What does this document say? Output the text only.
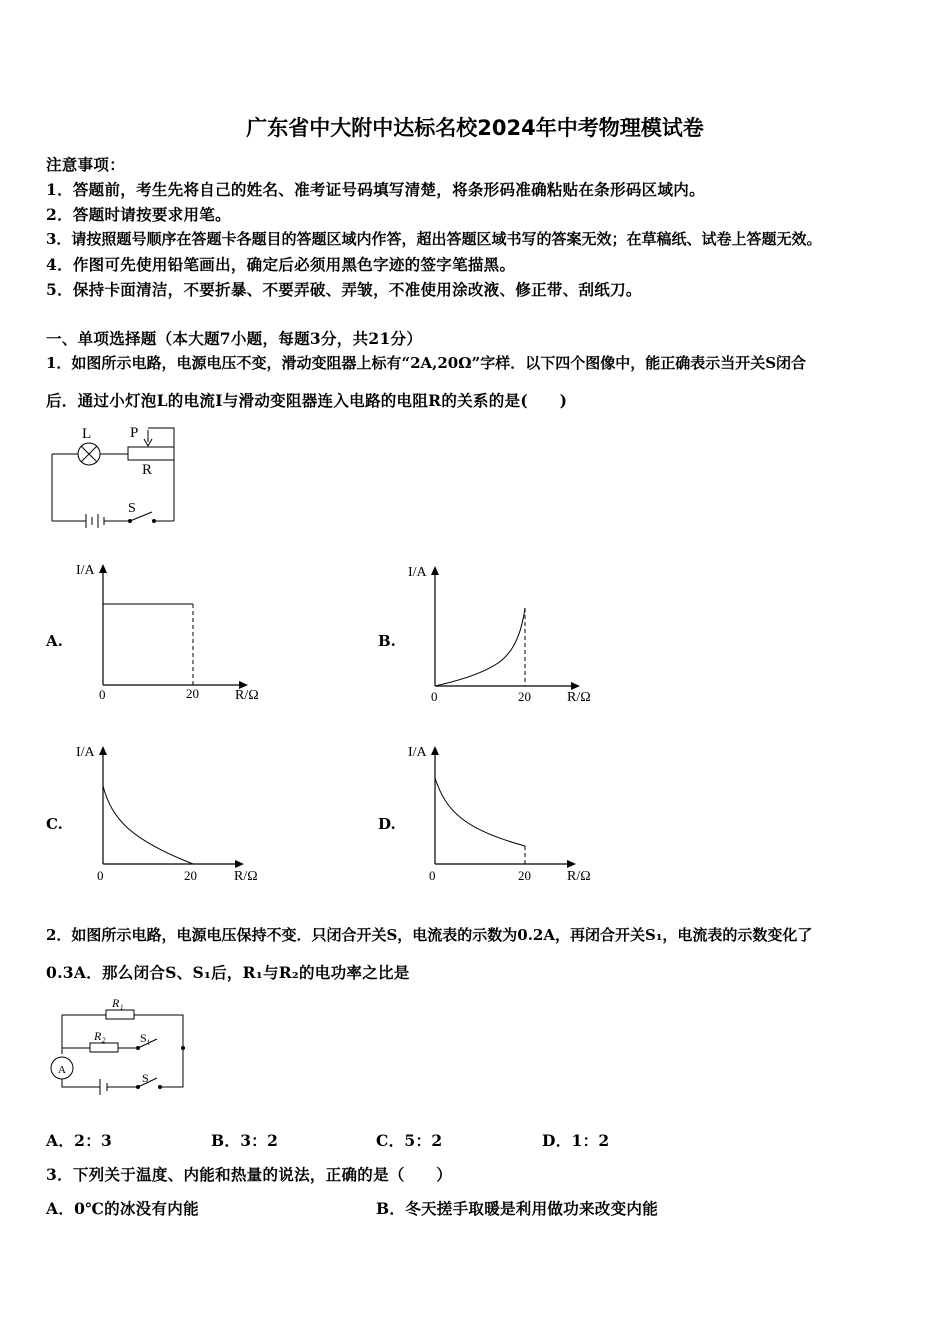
广东省中大附中达标名校2024年中考物理模试卷
注意事项：
1．答题前，考生先将自己的姓名、准考证号码填写清楚，将条形码准确粘贴在条形码区域内。
2．答题时请按要求用笔。
3．请按照题号顺序在答题卡各题目的答题区域内作答，超出答题区域书写的答案无效；在草稿纸、试卷上答题无效。
4．作图可先使用铅笔画出，确定后必须用黑色字迹的签字笔描黑。
5．保持卡面清洁，不要折暴、不要弄破、弄皱，不准使用涂改液、修正带、刮纸刀。
一、单项选择题（本大题7小题，每题3分，共21分）
1．如图所示电路，电源电压不变，滑动变阻器上标有“2A,20Ω”字样．以下四个图像中，能正确表示当开关S闭合
后．通过小灯泡L的电流I与滑动变阻器连入电路的电阻R的关系的是(　　)
L	P
R
S
A.
I/A
0	20	R/Ω
B.
I/A
0	20	R/Ω
C.
I/A
0	20	R/Ω
D.
I/A
0	20	R/Ω
2．如图所示电路，电源电压保持不变．只闭合开关S，电流表的示数为0.2A，再闭合开关S₁，电流表的示数变化了
0.3A．那么闭合S、S₁后，R₁与R₂的电功率之比是
R₁
R₂	S₁
S
A
A．2：3	B．3：2	C．5：2	D．1：2
3．下列关于温度、内能和热量的说法，正确的是（　　）
A．0℃的冰没有内能	B．冬天搓手取暖是利用做功来改变内能
